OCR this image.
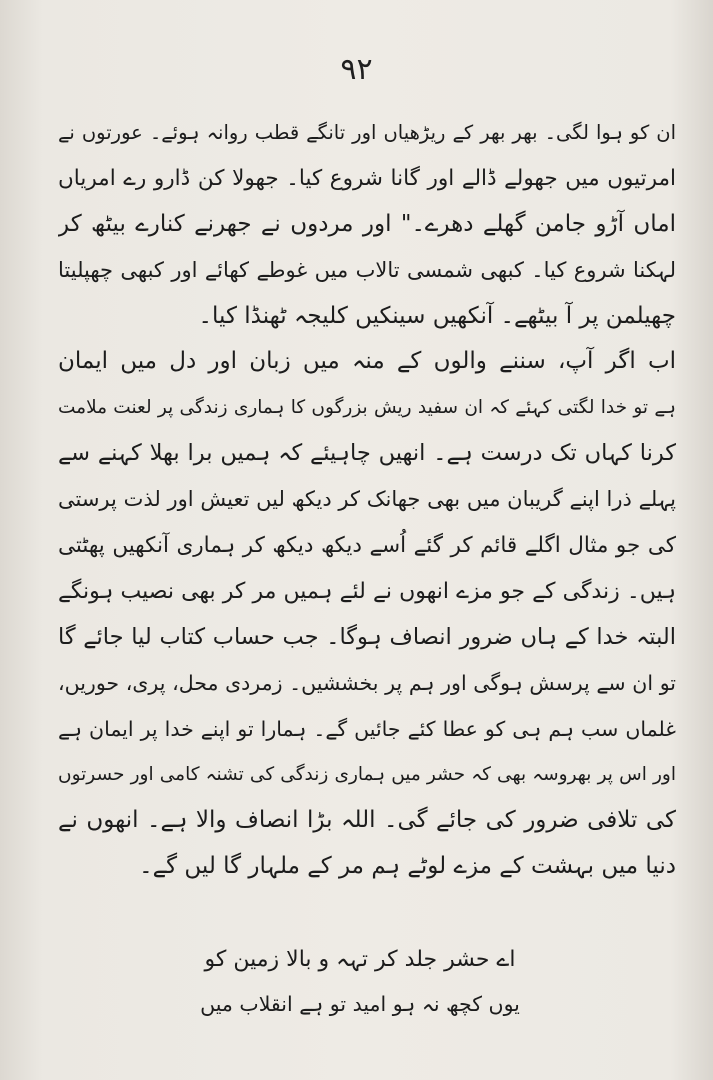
۹۲
ان کو ہوا لگی۔ بھر بھر کے ریڑھیاں اور تانگے قطب روانہ ہوئے۔ عورتوں نے
امرتیوں میں جھولے ڈالے اور گانا شروع کیا۔ جھولا کن ڈارو رے امریاں
اماں آڑو جامن گھلے دھرے۔" اور مردوں نے جھرنے کنارے بیٹھ کر
لہکنا شروع کیا۔ کبھی شمسی تالاب میں غوطے کھائے اور کبھی چھپلیتا
چھیلمن پر آ بیٹھے۔ آنکھیں سینکیں کلیجہ ٹھنڈا کیا۔
اب اگر آپ، سننے والوں کے منہ میں زبان اور دل میں ایمان
ہے تو خدا لگتی کہئے کہ ان سفید ریش بزرگوں کا ہماری زندگی پر لعنت ملامت
کرنا کہاں تک درست ہے۔ انھیں چاہیئے کہ ہمیں برا بھلا کہنے سے
پہلے ذرا اپنے گریبان میں بھی جھانک کر دیکھ لیں تعیش اور لذت پرستی
کی جو مثال اگلے قائم کر گئے اُسے دیکھ دیکھ کر ہماری آنکھیں پھٹتی
ہیں۔ زندگی کے جو مزے انھوں نے لئے ہمیں مر کر بھی نصیب ہونگے
البتہ خدا کے ہاں ضرور انصاف ہوگا۔ جب حساب کتاب لیا جائے گا
تو ان سے پرسش ہوگی اور ہم پر بخششیں۔ زمردی محل، پری، حوریں،
غلماں سب ہم ہی کو عطا کئے جائیں گے۔ ہمارا تو اپنے خدا پر ایمان ہے
اور اس پر بھروسہ بھی کہ حشر میں ہماری زندگی کی تشنہ کامی اور حسرتوں
کی تلافی ضرور کی جائے گی۔ اللہ بڑا انصاف والا ہے۔ انھوں نے
دنیا میں بہشت کے مزے لوٹے ہم مر کے ملہار گا لیں گے۔
اے حشر جلد کر تہہ و بالا زمین کو
یوں کچھ نہ ہو امید تو ہے انقلاب میں
